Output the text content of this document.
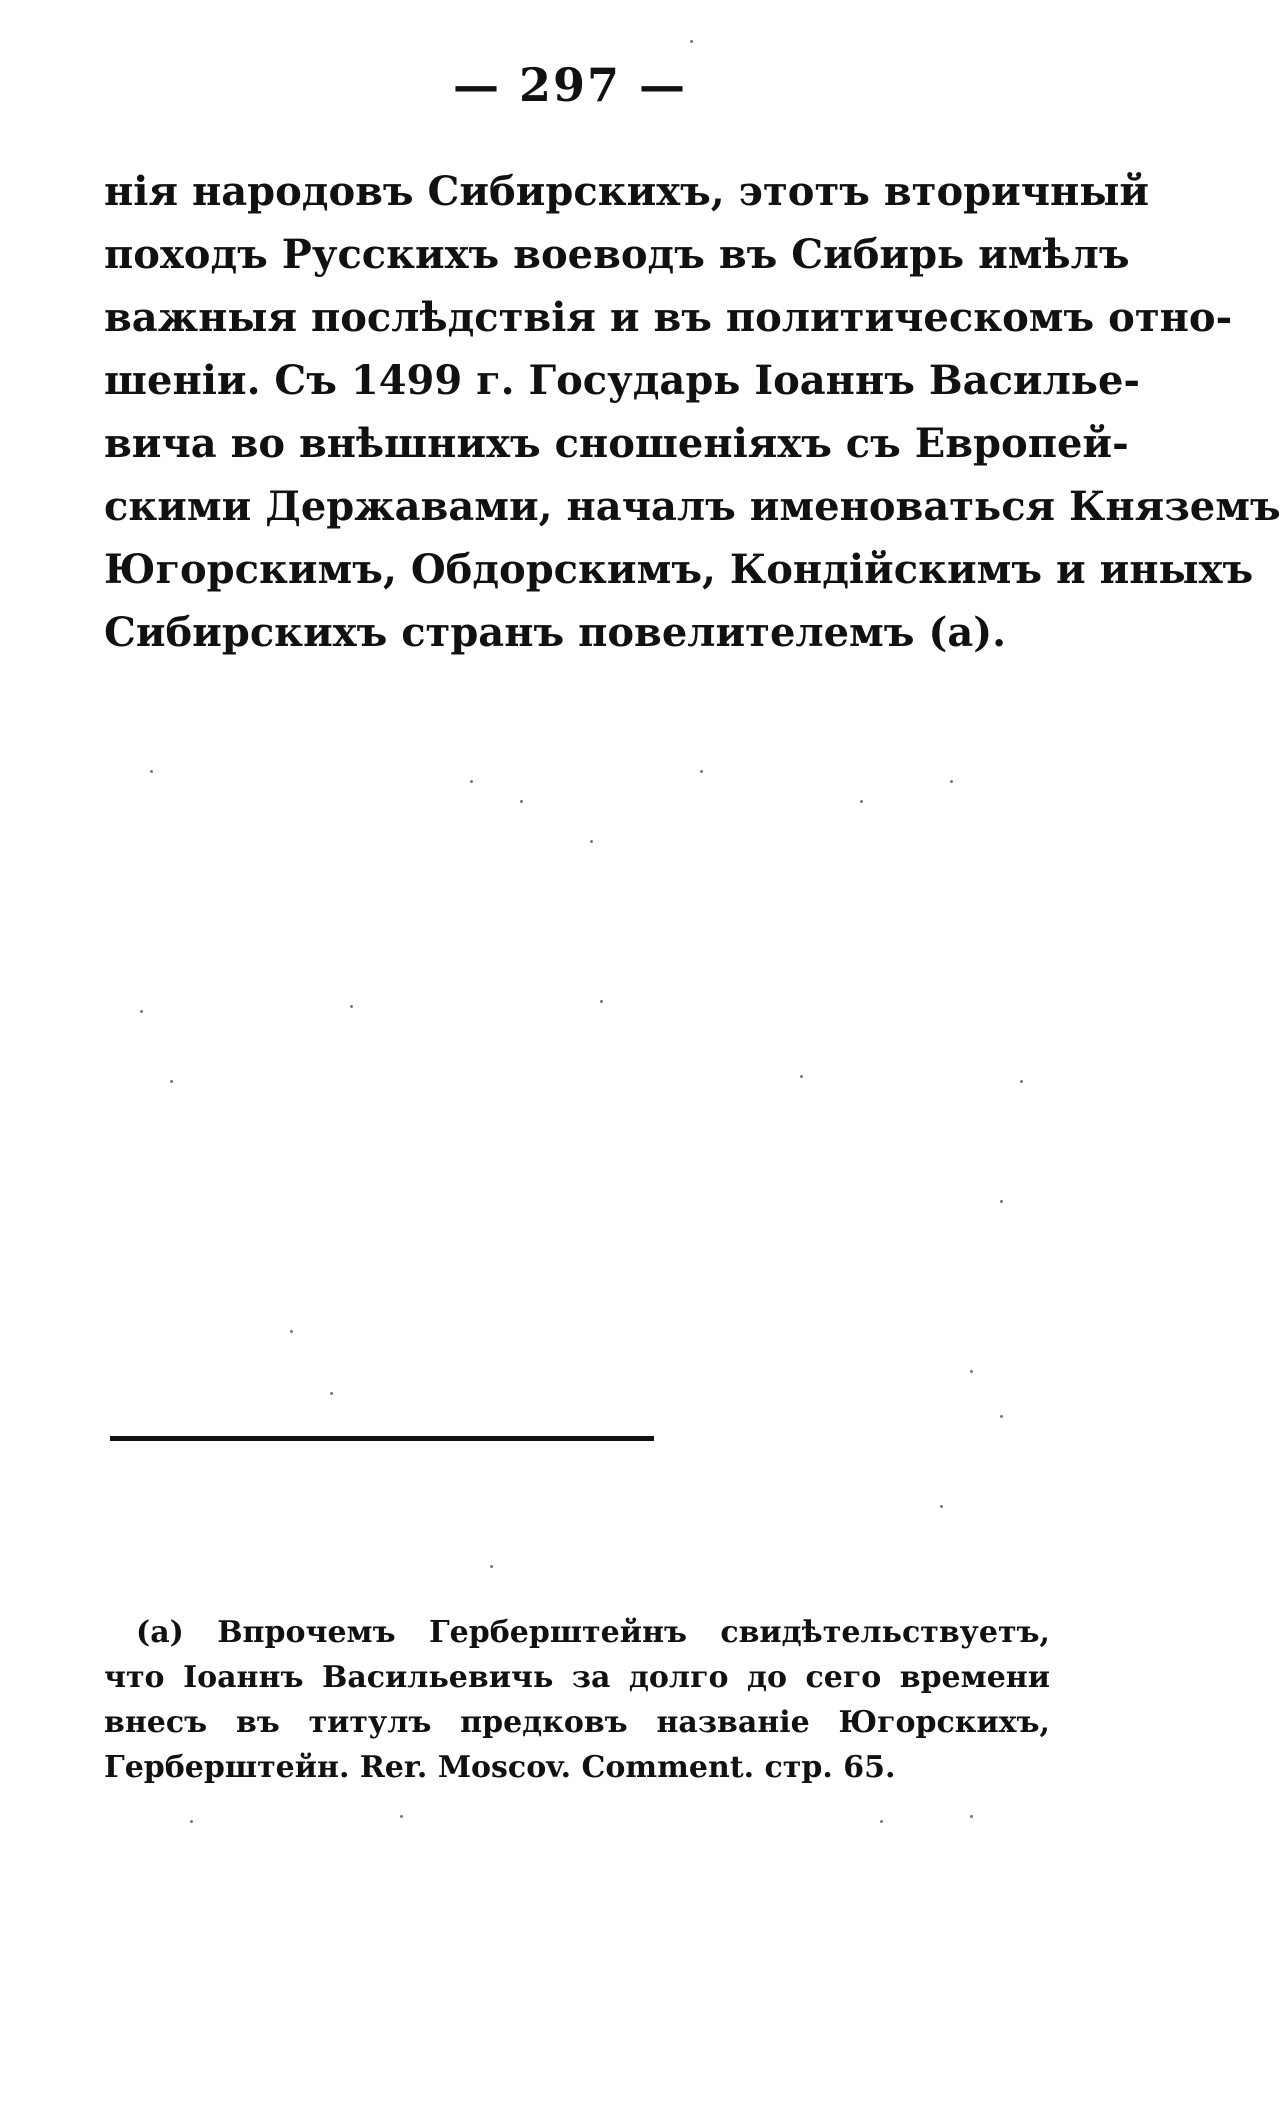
— 297 —
нія народовъ Сибирскихъ, этотъ вторичный
походъ Русскихъ воеводъ въ Сибирь имѣлъ
важныя послѣдствія и въ политическомъ отно-
шеніи. Съ 1499 г. Государь Іоаннъ Василье-
вича во внѣшнихъ сношеніяхъ съ Европей-
скими Державами, началъ именоваться Княземъ
Югорскимъ, Обдорскимъ, Кондійскимъ и иныхъ
Сибирскихъ странъ повелителемъ (а).
(а) Впрочемъ Герберштейнъ свидѣтельствуетъ,
что Іоаннъ Васильевичь за долго до сего времени
внесъ въ титулъ предковъ названіе Югорскихъ,
Герберштейн. Rer. Moscov. Comment. стр. 65.
